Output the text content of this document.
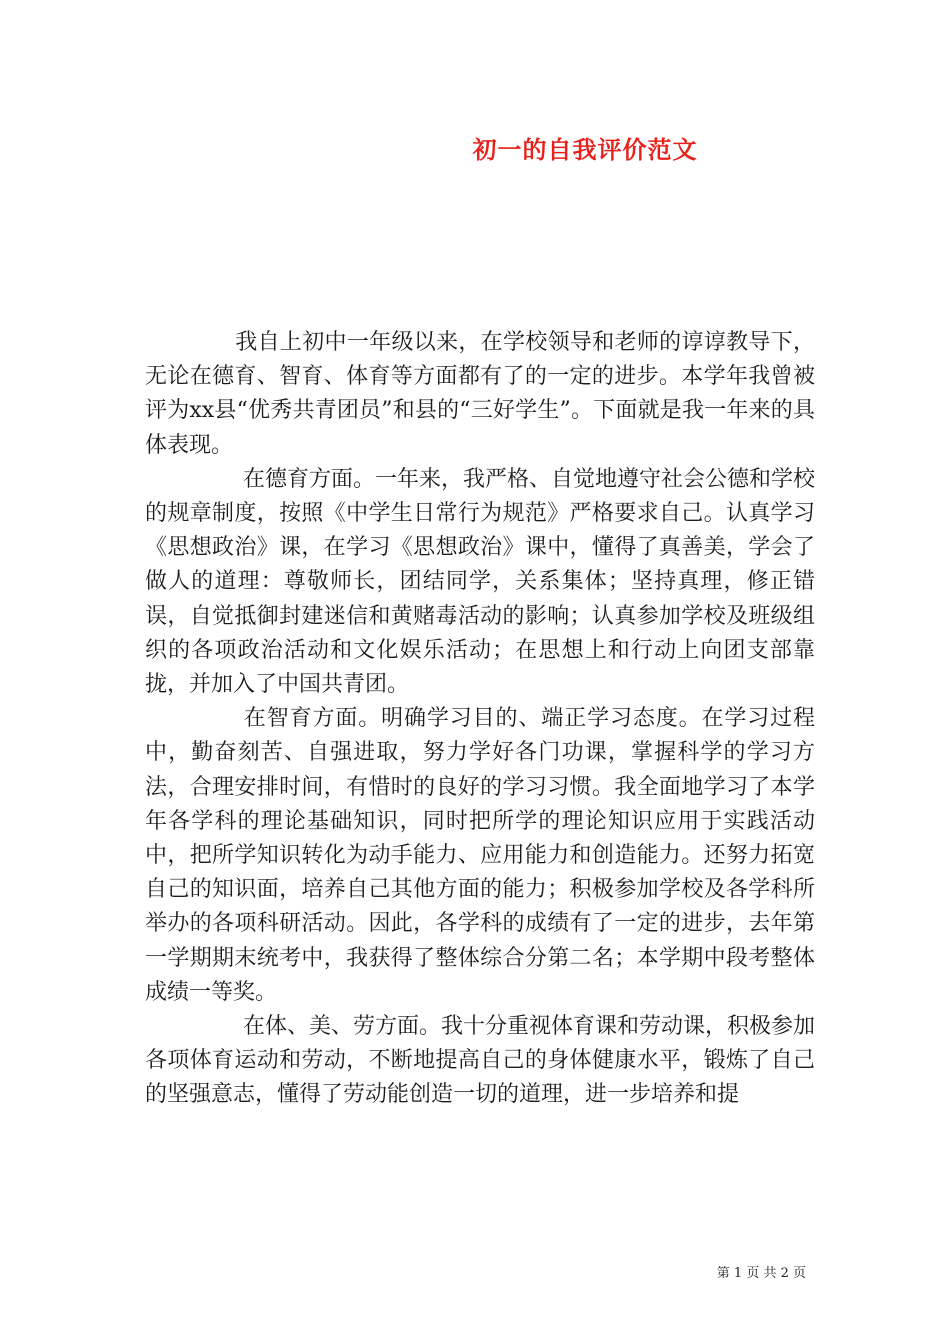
初一的自我评价范文

我自上初中一年级以来，在学校领导和老师的谆谆教导下，无论在德育、智育、体育等方面都有了的一定的进步。本学年我曾被评为xx县“优秀共青团员”和县的“三好学生”。下面就是我一年来的具体表现。

在德育方面。一年来，我严格、自觉地遵守社会公德和学校的规章制度，按照《中学生日常行为规范》严格要求自己。认真学习《思想政治》课，在学习《思想政治》课中，懂得了真善美，学会了做人的道理：尊敬师长，团结同学，关系集体；坚持真理，修正错误，自觉抵御封建迷信和黄赌毒活动的影响；认真参加学校及班级组织的各项政治活动和文化娱乐活动；在思想上和行动上向团支部靠拢，并加入了中国共青团。

在智育方面。明确学习目的、端正学习态度。在学习过程中，勤奋刻苦、自强进取，努力学好各门功课，掌握科学的学习方法，合理安排时间，有惜时的良好的学习习惯。我全面地学习了本学年各学科的理论基础知识，同时把所学的理论知识应用于实践活动中，把所学知识转化为动手能力、应用能力和创造能力。还努力拓宽自己的知识面，培养自己其他方面的能力；积极参加学校及各学科所举办的各项科研活动。因此，各学科的成绩有了一定的进步，去年第一学期期末统考中，我获得了整体综合分第二名；本学期中段考整体成绩一等奖。

在体、美、劳方面。我十分重视体育课和劳动课，积极参加各项体育运动和劳动，不断地提高自己的身体健康水平，锻炼了自己的坚强意志，懂得了劳动能创造一切的道理，进一步培养和提

第 1 页 共 2 页
